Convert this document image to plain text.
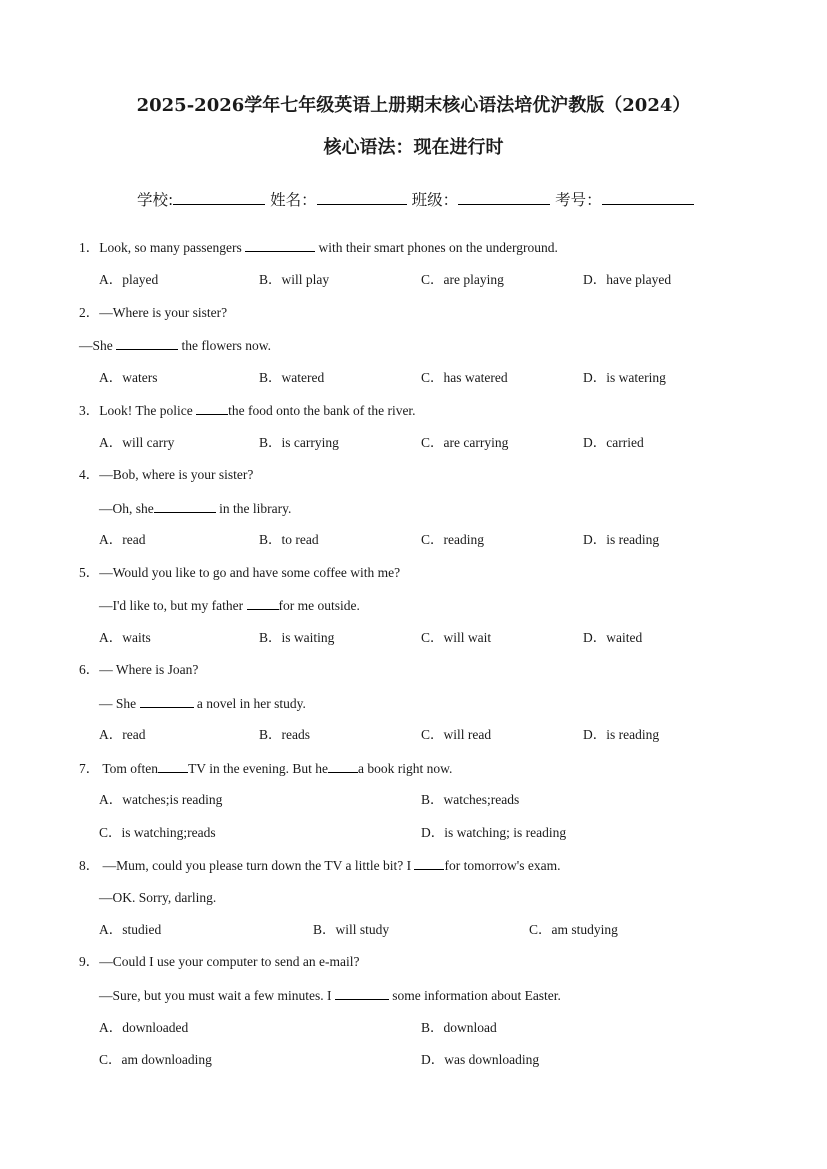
2025-2026学年七年级英语上册期末核心语法培优沪教版（2024）
核心语法：现在进行时
学校:	姓名：	班级：	考号：
1．Look, so many passengers	with their smart phones on the underground.
A．played	B．will play	C．are playing	D．have played
2．—Where is your sister?
—She	the flowers now.
A．waters	B．watered	C．has watered	D．is watering
3．Look! The police the food onto the bank of the river.
A．will carry	B．is carrying	C．are carrying	D．carried
4．—Bob, where is your sister?
—Oh, she	in the library.
A．read	B．to read	C．reading	D．is reading
5．—Would you like to go and have some coffee with me?
—I'd like to, but my father for me outside.
A．waits	B．is waiting	C．will wait	D．waited
6．— Where is Joan?
— She	a novel in her study.
A．read	B．reads	C．will read	D．is reading
7． Tom often TV in the evening. But he a book right now.
A．watches;is reading	B．watches;reads
C．is watching;reads	D．is watching; is reading
8． —Mum, could you please turn down the TV a little bit? I for tomorrow's exam.
—OK. Sorry, darling.
A．studied	B．will study	C．am studying
9．—Could I use your computer to send an e-mail?
—Sure, but you must wait a few minutes. I	some information about Easter.
A．downloaded	B．download
C．am downloading	D．was downloading
